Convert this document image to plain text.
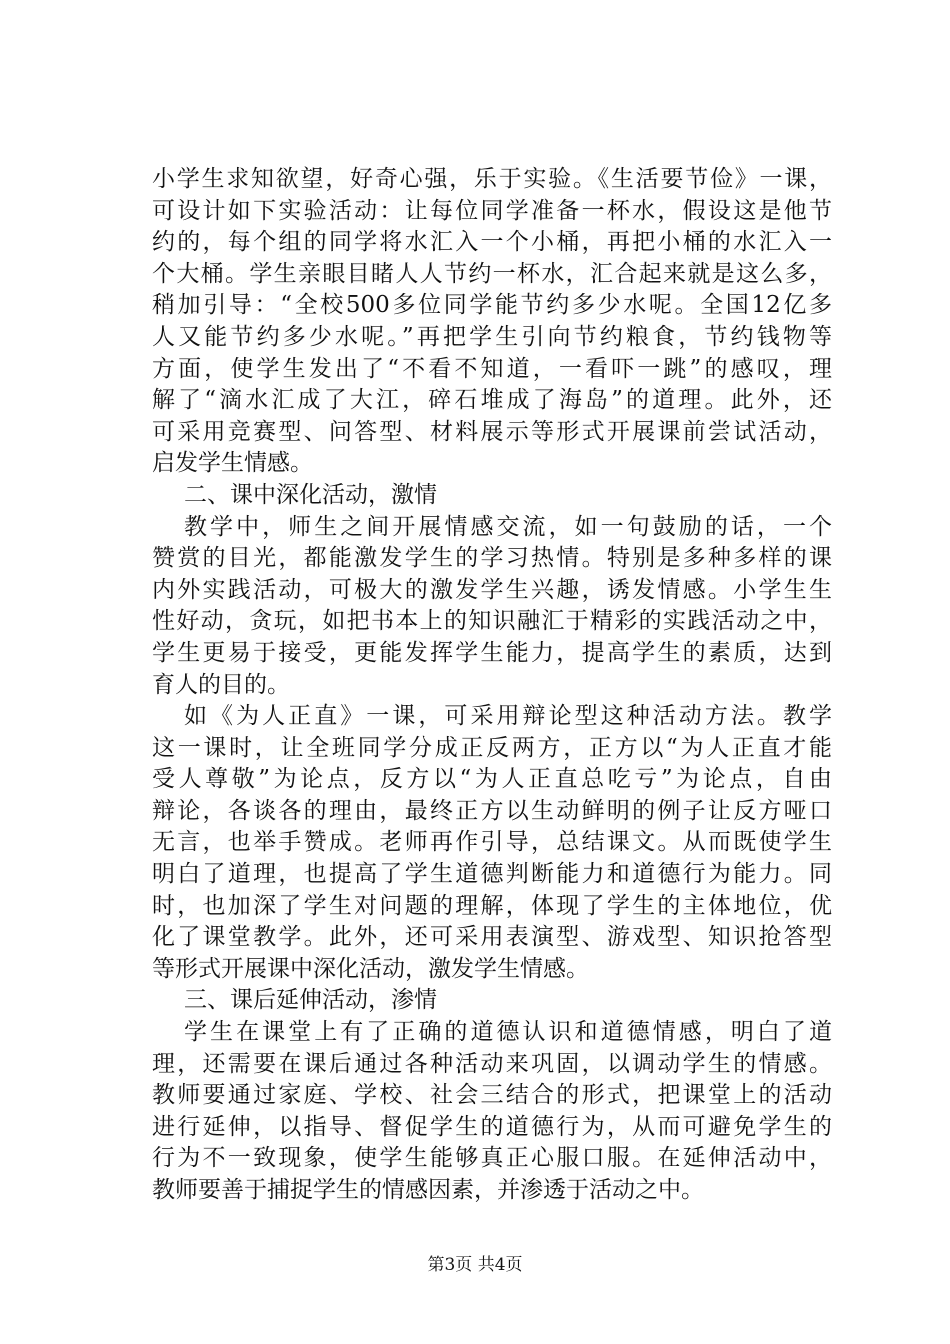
小学生求知欲望，好奇心强，乐于实验。《生活要节俭》一课，
可设计如下实验活动：让每位同学准备一杯水，假设这是他节
约的，每个组的同学将水汇入一个小桶，再把小桶的水汇入一
个大桶。学生亲眼目睹人人节约一杯水，汇合起来就是这么多，
稍加引导：“全校500多位同学能节约多少水呢。全国12亿多
人又能节约多少水呢。”再把学生引向节约粮食，节约钱物等
方面，使学生发出了“不看不知道，一看吓一跳”的感叹，理
解了“滴水汇成了大江，碎石堆成了海岛”的道理。此外，还
可采用竞赛型、问答型、材料展示等形式开展课前尝试活动，
启发学生情感。
二、课中深化活动，激情
教学中，师生之间开展情感交流，如一句鼓励的话，一个
赞赏的目光，都能激发学生的学习热情。特别是多种多样的课
内外实践活动，可极大的激发学生兴趣，诱发情感。小学生生
性好动，贪玩，如把书本上的知识融汇于精彩的实践活动之中，
学生更易于接受，更能发挥学生能力，提高学生的素质，达到
育人的目的。
如《为人正直》一课，可采用辩论型这种活动方法。教学
这一课时，让全班同学分成正反两方，正方以“为人正直才能
受人尊敬”为论点，反方以“为人正直总吃亏”为论点，自由
辩论，各谈各的理由，最终正方以生动鲜明的例子让反方哑口
无言，也举手赞成。老师再作引导，总结课文。从而既使学生
明白了道理，也提高了学生道德判断能力和道德行为能力。同
时，也加深了学生对问题的理解，体现了学生的主体地位，优
化了课堂教学。此外，还可采用表演型、游戏型、知识抢答型
等形式开展课中深化活动，激发学生情感。
三、课后延伸活动，渗情
学生在课堂上有了正确的道德认识和道德情感，明白了道
理，还需要在课后通过各种活动来巩固，以调动学生的情感。
教师要通过家庭、学校、社会三结合的形式，把课堂上的活动
进行延伸，以指导、督促学生的道德行为，从而可避免学生的
行为不一致现象，使学生能够真正心服口服。在延伸活动中，
教师要善于捕捉学生的情感因素，并渗透于活动之中。
第3页 共4页
